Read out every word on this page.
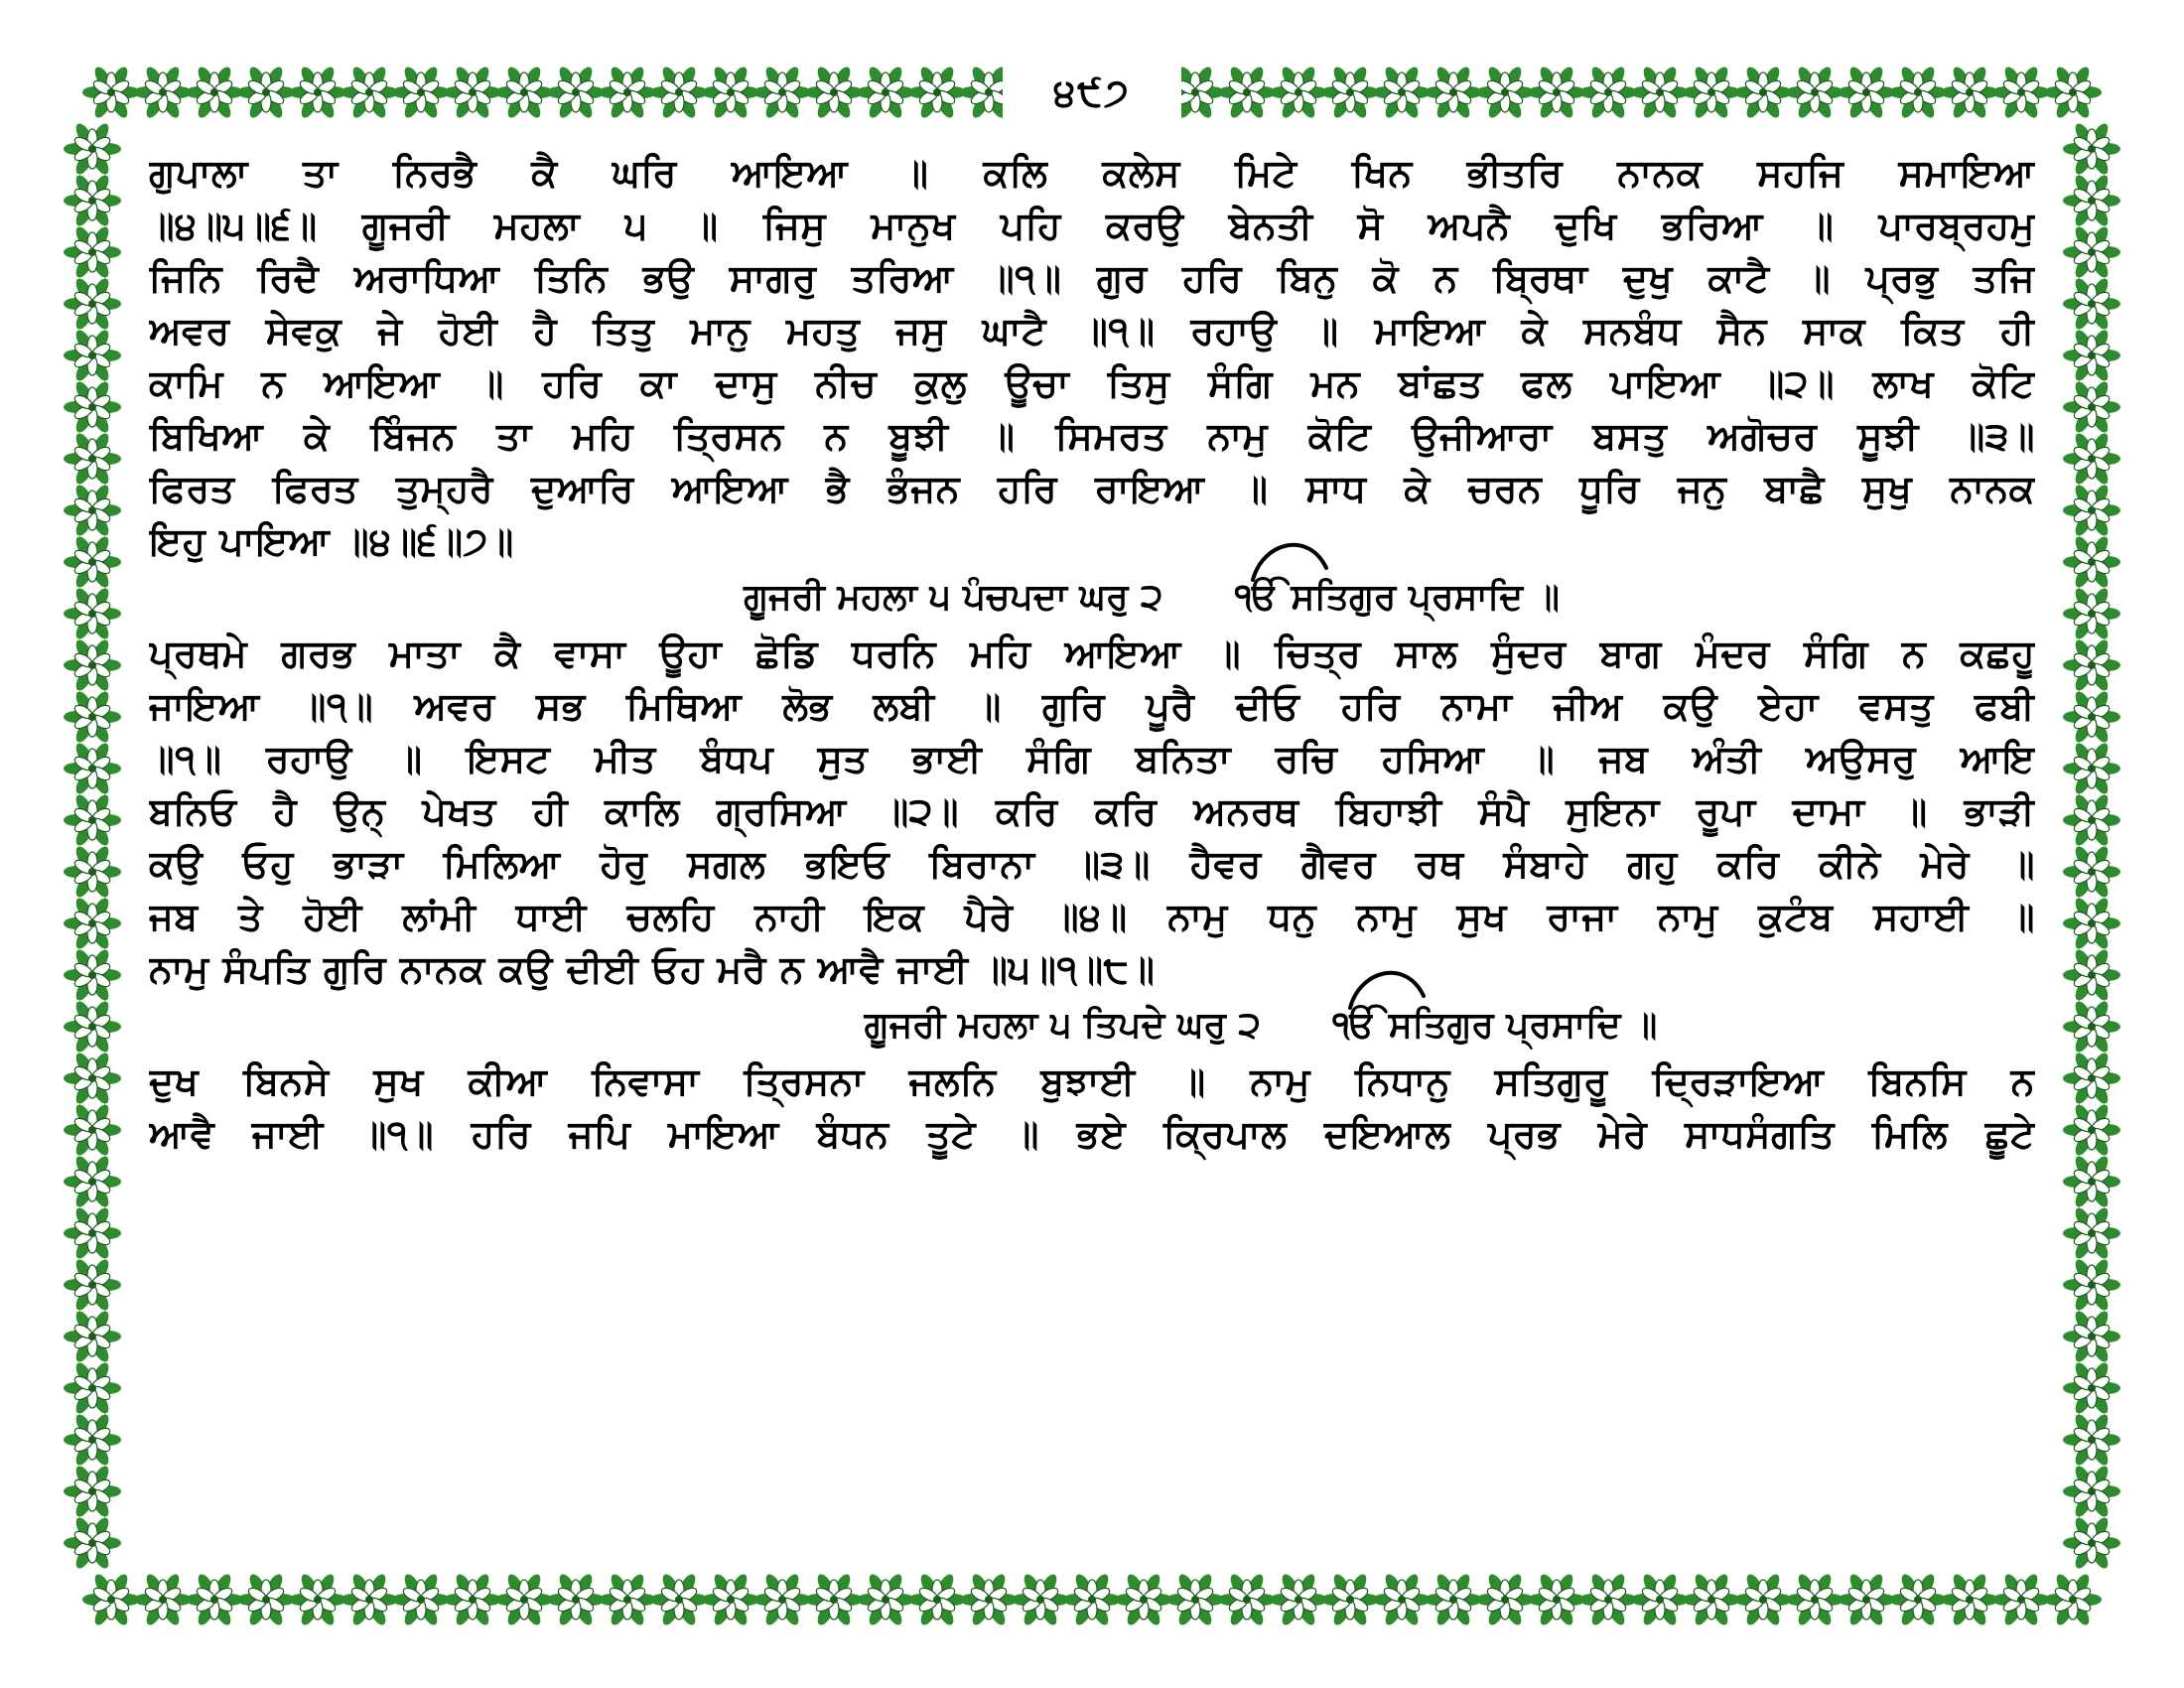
੪੯੭
ਗੁਪਾਲਾ ਤਾ ਨਿਰਭੈ ਕੈ ਘਰਿ ਆਇਆ ॥ ਕਲਿ ਕਲੇਸ ਮਿਟੇ ਖਿਨ ਭੀਤਰਿ ਨਾਨਕ ਸਹਜਿ ਸਮਾਇਆ
॥੪॥੫॥੬॥ ਗੂਜਰੀ ਮਹਲਾ ੫ ॥ ਜਿਸੁ ਮਾਨੁਖ ਪਹਿ ਕਰਉ ਬੇਨਤੀ ਸੋ ਅਪਨੈ ਦੁਖਿ ਭਰਿਆ ॥ ਪਾਰਬ੍ਰਹਮੁ
ਜਿਨਿ ਰਿਦੈ ਅਰਾਧਿਆ ਤਿਨਿ ਭਉ ਸਾਗਰੁ ਤਰਿਆ ॥੧॥ ਗੁਰ ਹਰਿ ਬਿਨੁ ਕੋ ਨ ਬ੍ਰਿਥਾ ਦੁਖੁ ਕਾਟੈ ॥ ਪ੍ਰਭੁ ਤਜਿ
ਅਵਰ ਸੇਵਕੁ ਜੇ ਹੋਈ ਹੈ ਤਿਤੁ ਮਾਨੁ ਮਹਤੁ ਜਸੁ ਘਾਟੈ ॥੧॥ ਰਹਾਉ ॥ ਮਾਇਆ ਕੇ ਸਨਬੰਧ ਸੈਨ ਸਾਕ ਕਿਤ ਹੀ
ਕਾਮਿ ਨ ਆਇਆ ॥ ਹਰਿ ਕਾ ਦਾਸੁ ਨੀਚ ਕੁਲੁ ਊਚਾ ਤਿਸੁ ਸੰਗਿ ਮਨ ਬਾਂਛਤ ਫਲ ਪਾਇਆ ॥੨॥ ਲਾਖ ਕੋਟਿ
ਬਿਖਿਆ ਕੇ ਬਿੰਜਨ ਤਾ ਮਹਿ ਤ੍ਰਿਸਨ ਨ ਬੂਝੀ ॥ ਸਿਮਰਤ ਨਾਮੁ ਕੋਟਿ ਉਜੀਆਰਾ ਬਸਤੁ ਅਗੋਚਰ ਸੂਝੀ ॥੩॥
ਫਿਰਤ ਫਿਰਤ ਤੁਮ੍ਹਰੈ ਦੁਆਰਿ ਆਇਆ ਭੈ ਭੰਜਨ ਹਰਿ ਰਾਇਆ ॥ ਸਾਧ ਕੇ ਚਰਨ ਧੂਰਿ ਜਨੁ ਬਾਛੈ ਸੁਖੁ ਨਾਨਕ
ਇਹੁ ਪਾਇਆ ॥੪॥੬॥੭॥
ਗੂਜਰੀ ਮਹਲਾ ੫ ਪੰਚਪਦਾ ਘਰੁ ੨ ੴ ਸਤਿਗੁਰ ਪ੍ਰਸਾਦਿ ॥
ਪ੍ਰਥਮੇ ਗਰਭ ਮਾਤਾ ਕੈ ਵਾਸਾ ਊਹਾ ਛੋਡਿ ਧਰਨਿ ਮਹਿ ਆਇਆ ॥ ਚਿਤ੍ਰ ਸਾਲ ਸੁੰਦਰ ਬਾਗ ਮੰਦਰ ਸੰਗਿ ਨ ਕਛਹੂ
ਜਾਇਆ ॥੧॥ ਅਵਰ ਸਭ ਮਿਥਿਆ ਲੋਭ ਲਬੀ ॥ ਗੁਰਿ ਪੂਰੈ ਦੀਓ ਹਰਿ ਨਾਮਾ ਜੀਅ ਕਉ ਏਹਾ ਵਸਤੁ ਫਬੀ
॥੧॥ ਰਹਾਉ ॥ ਇਸਟ ਮੀਤ ਬੰਧਪ ਸੁਤ ਭਾਈ ਸੰਗਿ ਬਨਿਤਾ ਰਚਿ ਹਸਿਆ ॥ ਜਬ ਅੰਤੀ ਅਉਸਰੁ ਆਇ
ਬਨਿਓ ਹੈ ਉਨ੍ ਪੇਖਤ ਹੀ ਕਾਲਿ ਗ੍ਰਸਿਆ ॥੨॥ ਕਰਿ ਕਰਿ ਅਨਰਥ ਬਿਹਾਝੀ ਸੰਪੈ ਸੁਇਨਾ ਰੂਪਾ ਦਾਮਾ ॥ ਭਾੜੀ
ਕਉ ਓਹੁ ਭਾੜਾ ਮਿਲਿਆ ਹੋਰੁ ਸਗਲ ਭਇਓ ਬਿਰਾਨਾ ॥੩॥ ਹੈਵਰ ਗੈਵਰ ਰਥ ਸੰਬਾਹੇ ਗਹੁ ਕਰਿ ਕੀਨੇ ਮੇਰੇ ॥
ਜਬ ਤੇ ਹੋਈ ਲਾਂਮੀ ਧਾਈ ਚਲਹਿ ਨਾਹੀ ਇਕ ਪੈਰੇ ॥੪॥ ਨਾਮੁ ਧਨੁ ਨਾਮੁ ਸੁਖ ਰਾਜਾ ਨਾਮੁ ਕੁਟੰਬ ਸਹਾਈ ॥
ਨਾਮੁ ਸੰਪਤਿ ਗੁਰਿ ਨਾਨਕ ਕਉ ਦੀਈ ਓਹ ਮਰੈ ਨ ਆਵੈ ਜਾਈ ॥੫॥੧॥੮॥
ਗੂਜਰੀ ਮਹਲਾ ੫ ਤਿਪਦੇ ਘਰੁ ੨ ੴ ਸਤਿਗੁਰ ਪ੍ਰਸਾਦਿ ॥
ਦੁਖ ਬਿਨਸੇ ਸੁਖ ਕੀਆ ਨਿਵਾਸਾ ਤ੍ਰਿਸਨਾ ਜਲਨਿ ਬੁਝਾਈ ॥ ਨਾਮੁ ਨਿਧਾਨੁ ਸਤਿਗੁਰੂ ਦ੍ਰਿੜਾਇਆ ਬਿਨਸਿ ਨ
ਆਵੈ ਜਾਈ ॥੧॥ ਹਰਿ ਜਪਿ ਮਾਇਆ ਬੰਧਨ ਤੂਟੇ ॥ ਭਏ ਕ੍ਰਿਪਾਲ ਦਇਆਲ ਪ੍ਰਭ ਮੇਰੇ ਸਾਧਸੰਗਤਿ ਮਿਲਿ ਛੂਟੇ
